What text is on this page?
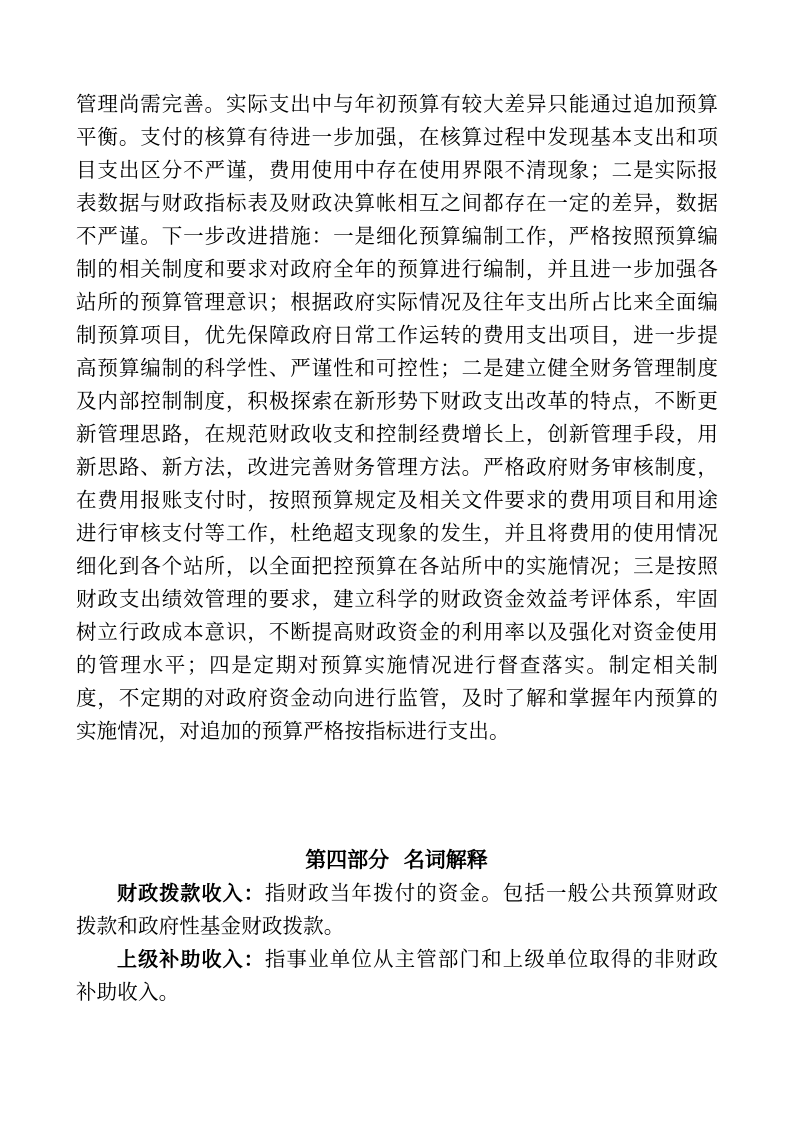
管理尚需完善。实际支出中与年初预算有较大差异只能通过追加预算
平衡。支付的核算有待进一步加强，在核算过程中发现基本支出和项
目支出区分不严谨，费用使用中存在使用界限不清现象；二是实际报
表数据与财政指标表及财政决算帐相互之间都存在一定的差异，数据
不严谨。下一步改进措施：一是细化预算编制工作，严格按照预算编
制的相关制度和要求对政府全年的预算进行编制，并且进一步加强各
站所的预算管理意识；根据政府实际情况及往年支出所占比来全面编
制预算项目，优先保障政府日常工作运转的费用支出项目，进一步提
高预算编制的科学性、严谨性和可控性；二是建立健全财务管理制度
及内部控制制度，积极探索在新形势下财政支出改革的特点，不断更
新管理思路，在规范财政收支和控制经费增长上，创新管理手段，用
新思路、新方法，改进完善财务管理方法。严格政府财务审核制度，
在费用报账支付时，按照预算规定及相关文件要求的费用项目和用途
进行审核支付等工作，杜绝超支现象的发生，并且将费用的使用情况
细化到各个站所，以全面把控预算在各站所中的实施情况；三是按照
财政支出绩效管理的要求，建立科学的财政资金效益考评体系，牢固
树立行政成本意识，不断提高财政资金的利用率以及强化对资金使用
的管理水平；四是定期对预算实施情况进行督查落实。制定相关制
度，不定期的对政府资金动向进行监管，及时了解和掌握年内预算的
实施情况，对追加的预算严格按指标进行支出。
第四部分  名词解释
财政拨款收入：指财政当年拨付的资金。包括一般公共预算财政
拨款和政府性基金财政拨款。
上级补助收入：指事业单位从主管部门和上级单位取得的非财政
补助收入。
